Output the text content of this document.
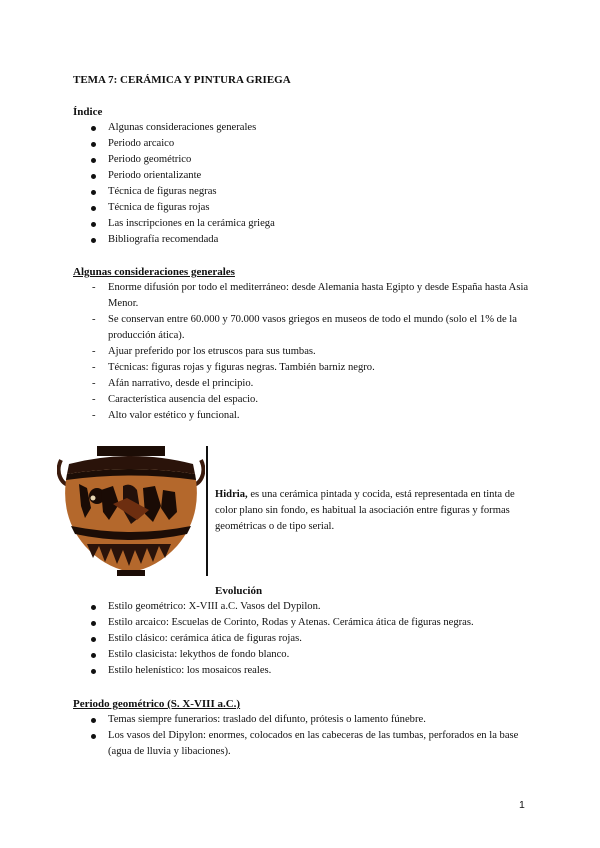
TEMA 7: CERÁMICA Y PINTURA GRIEGA
Índice
Algunas consideraciones generales
Periodo arcaico
Periodo geométrico
Periodo orientalizante
Técnica de figuras negras
Técnica de figuras rojas
Las inscripciones en la cerámica griega
Bibliografía recomendada
Algunas consideraciones generales
- Enorme difusión por todo el mediterráneo: desde Alemania hasta Egipto y desde España hasta Asia Menor.
- Se conservan entre 60.000 y 70.000 vasos griegos en museos de todo el mundo (solo el 1% de la producción ática).
- Ajuar preferido por los etruscos para sus tumbas.
- Técnicas: figuras rojas y figuras negras. También barniz negro.
- Afán narrativo, desde el principio.
- Característica ausencia del espacio.
- Alto valor estético y funcional.
Hidria, es una cerámica pintada y cocida, está representada en tinta de color plano sin fondo, es habitual la asociación entre figuras y formas geométricas o de tipo serial.
Evolución
Estilo geométrico: X-VIII a.C. Vasos del Dypilon.
Estilo arcaico: Escuelas de Corinto, Rodas y Atenas. Cerámica ática de figuras negras.
Estilo clásico: cerámica ática de figuras rojas.
Estilo clasicista: lekythos de fondo blanco.
Estilo helenístico: los mosaicos reales.
Periodo geométrico (S. X-VIII a.C.)
Temas siempre funerarios: traslado del difunto, prótesis o lamento fúnebre.
Los vasos del Dipylon: enormes, colocados en las cabeceras de las tumbas, perforados en la base (agua de lluvia y libaciones).
1
